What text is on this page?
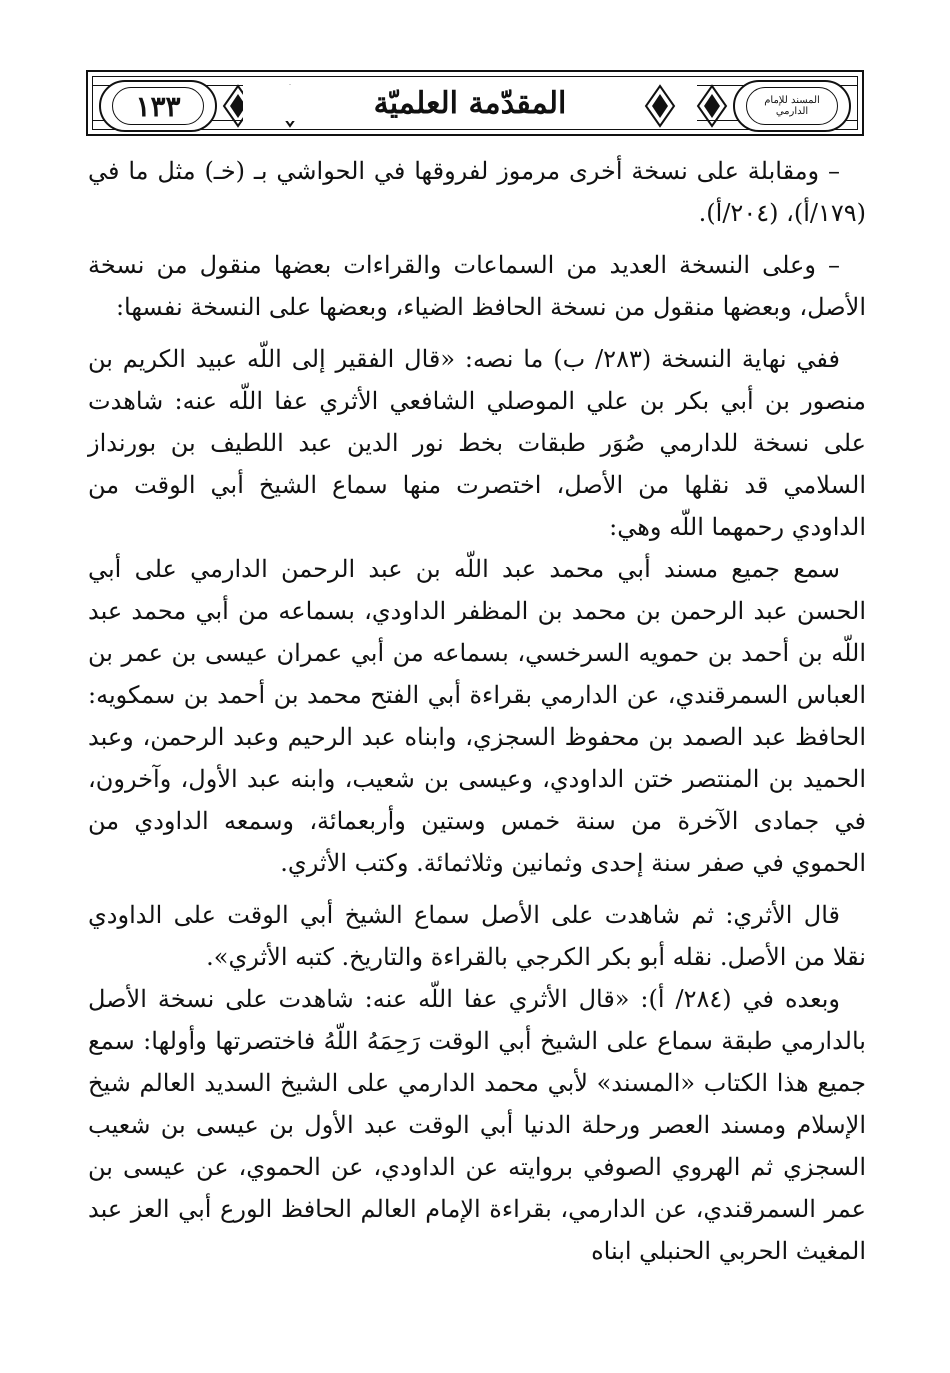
١٣٣	المقدّمة العلميّة	المسند للإمام الدارمي

– ومقابلة على نسخة أخرى مرموز لفروقها في الحواشي بـ (خـ) مثل ما في (١٧٩/أ)، (٢٠٤/أ).

– وعلى النسخة العديد من السماعات والقراءات بعضها منقول من نسخة الأصل، وبعضها منقول من نسخة الحافظ الضياء، وبعضها على النسخة نفسها:

ففي نهاية النسخة (٢٨٣/ ب) ما نصه: «قال الفقير إلى اللّه عبيد الكريم بن منصور بن أبي بكر بن علي الموصلي الشافعي الأثري عفا اللّه عنه: شاهدت على نسخة للدارمي صُوَر طبقات بخط نور الدين عبد اللطيف بن بورنداز السلامي قد نقلها من الأصل، اختصرت منها سماع الشيخ أبي الوقت من الداودي رحمهما اللّه وهي:

سمع جميع مسند أبي محمد عبد اللّه بن عبد الرحمن الدارمي على أبي الحسن عبد الرحمن بن محمد بن المظفر الداودي، بسماعه من أبي محمد عبد اللّه بن أحمد بن حمويه السرخسي، بسماعه من أبي عمران عيسى بن عمر بن العباس السمرقندي، عن الدارمي بقراءة أبي الفتح محمد بن أحمد بن سمكويه: الحافظ عبد الصمد بن محفوظ السجزي، وابناه عبد الرحيم وعبد الرحمن، وعبد الحميد بن المنتصر ختن الداودي، وعيسى بن شعيب، وابنه عبد الأول، وآخرون، في جمادى الآخرة من سنة خمس وستين وأربعمائة، وسمعه الداودي من الحموي في صفر سنة إحدى وثمانين وثلاثمائة. وكتب الأثري.

قال الأثري: ثم شاهدت على الأصل سماع الشيخ أبي الوقت على الداودي نقلا من الأصل. نقله أبو بكر الكرجي بالقراءة والتاريخ. كتبه الأثري».

وبعده في (٢٨٤/ أ): «قال الأثري عفا اللّه عنه: شاهدت على نسخة الأصل بالدارمي طبقة سماع على الشيخ أبي الوقت رَحِمَهُ اللّهُ فاختصرتها وأولها: سمع جميع هذا الكتاب «المسند» لأبي محمد الدارمي على الشيخ السديد العالم شيخ الإسلام ومسند العصر ورحلة الدنيا أبي الوقت عبد الأول بن عيسى بن شعيب السجزي ثم الهروي الصوفي بروايته عن الداودي، عن الحموي، عن عيسى بن عمر السمرقندي، عن الدارمي، بقراءة الإمام العالم الحافظ الورع أبي العز عبد المغيث الحربي الحنبلي ابناه
